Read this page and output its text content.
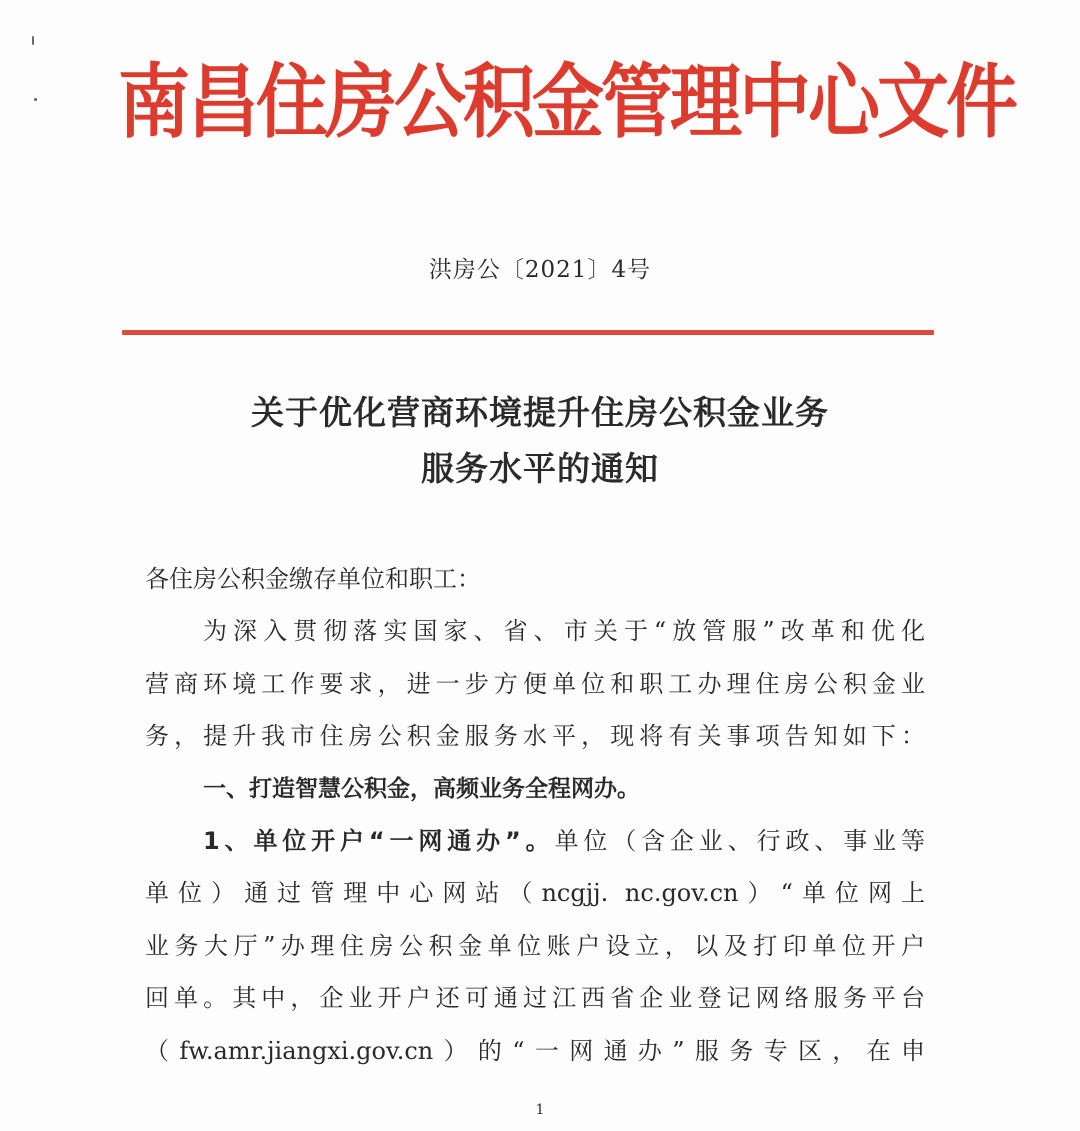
南昌住房公积金管理中心文件
洪房公〔2021〕4号
关于优化营商环境提升住房公积金业务
服务水平的通知
各住房公积金缴存单位和职工：
为深入贯彻落实国家、省、市关于“放管服”改革和优化
营商环境工作要求，进一步方便单位和职工办理住房公积金业
务，提升我市住房公积金服务水平，现将有关事项告知如下：
一、打造智慧公积金，高频业务全程网办。
1、单位开户“一网通办”。单位（含企业、行政、事业等
单位）通过管理中心网站（ncgjj. nc.gov.cn）“单位网上
业务大厅”办理住房公积金单位账户设立，以及打印单位开户
回单。其中，企业开户还可通过江西省企业登记网络服务平台
（fw.amr.jiangxi.gov.cn）的“一网通办”服务专区，在申
1
